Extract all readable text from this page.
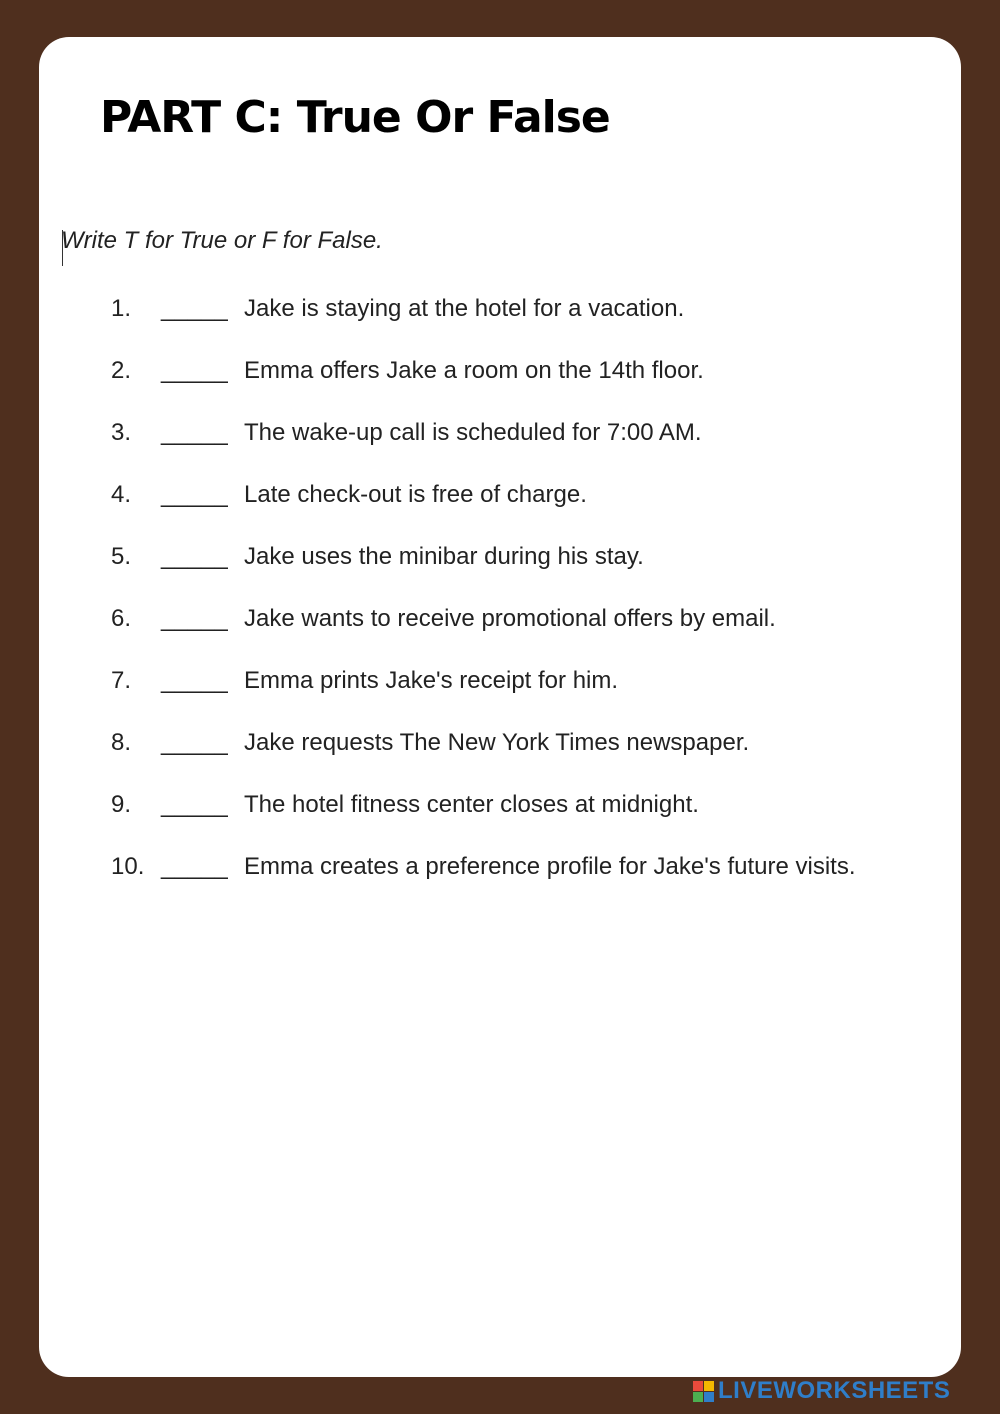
PART C: True Or False
Write T for True or F for False.
1. _____ Jake is staying at the hotel for a vacation.
2. _____ Emma offers Jake a room on the 14th floor.
3. _____ The wake-up call is scheduled for 7:00 AM.
4. _____ Late check-out is free of charge.
5. _____ Jake uses the minibar during his stay.
6. _____ Jake wants to receive promotional offers by email.
7. _____ Emma prints Jake's receipt for him.
8. _____ Jake requests The New York Times newspaper.
9. _____ The hotel fitness center closes at midnight.
10. _____ Emma creates a preference profile for Jake's future visits.
LIVEWORKSHEETS
